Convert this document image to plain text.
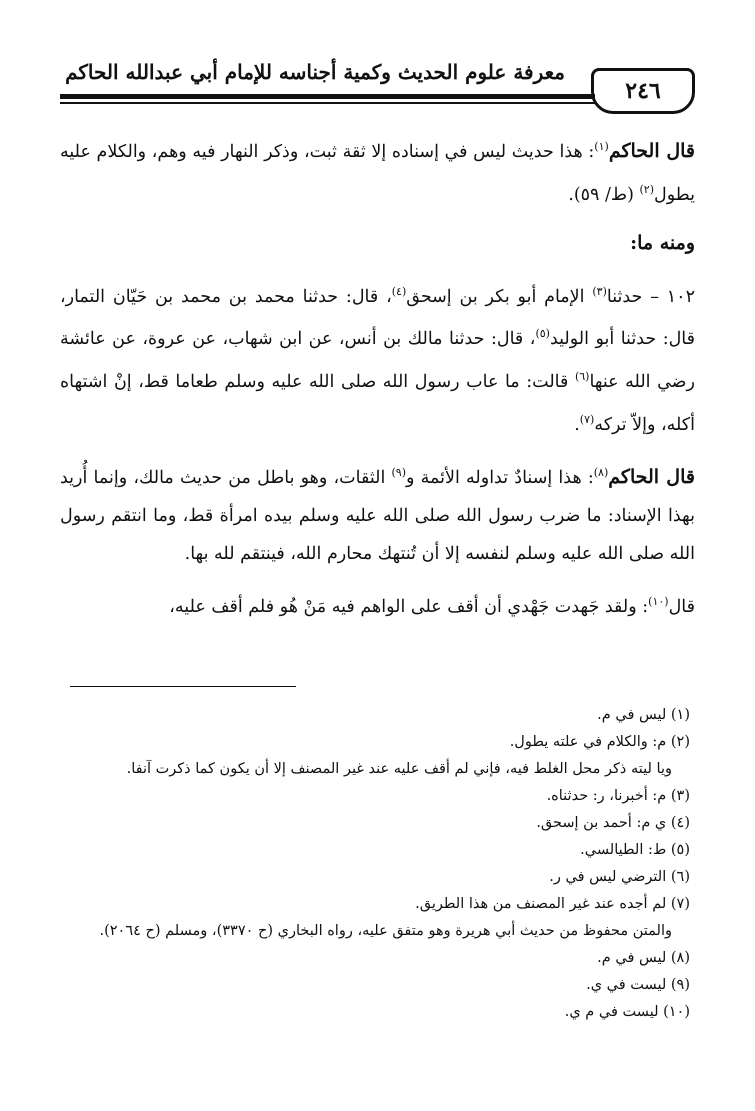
معرفة علوم الحديث وكمية أجناسه للإمام أبي عبدالله الحاكم
٢٤٦

قال الحاكم$^{(١)}$: هذا حديث ليس في إسناده إلا ثقة ثبت، وذكر النهار فيه وهم، والكلام عليه يطول$^{(٢)}$ (ط/ ٥٩).

ومنه ما:

١٠٢ – حدثنا$^{(٣)}$ الإمام أبو بكر بن إسحق$^{(٤)}$، قال: حدثنا محمد بن محمد بن حَيّان التمار، قال: حدثنا أبو الوليد$^{(٥)}$، قال: حدثنا مالك بن أنس، عن ابن شهاب، عن عروة، عن عائشة رضي الله عنها$^{(٦)}$ قالت: ما عاب رسول الله صلى الله عليه وسلم طعاما قط، إنْ اشتهاه أكله، وإلاّ تركه$^{(٧)}$.

قال الحاكم$^{(٨)}$: هذا إسنادٌ تداوله الأئمة و$^{(٩)}$ الثقات، وهو باطل من حديث مالك، وإنما أُريد بهذا الإسناد: ما ضرب رسول الله صلى الله عليه وسلم بيده امرأة قط، وما انتقم رسول الله صلى الله عليه وسلم لنفسه إلا أن تُنتهك محارم الله، فينتقم لله بها.

قال$^{(١٠)}$: ولقد جَهدت جَهْدي أن أقف على الواهم فيه مَنْ هُو فلم أقف عليه،

(١) ليس في م.
(٢) م: والكلام في علته يطول.
ويا ليته ذكر محل الغلط فيه، فإني لم أقف عليه عند غير المصنف إلا أن يكون كما ذكرت آنفا.
(٣) م: أخبرنا، ر: حدثناه.
(٤) ي م: أحمد بن إسحق.
(٥) ط: الطيالسي.
(٦) الترضي ليس في ر.
(٧) لم أجده عند غير المصنف من هذا الطريق.
والمتن محفوظ من حديث أبي هريرة وهو متفق عليه، رواه البخاري (ح ٣٣٧٠)، ومسلم (ح ٢٠٦٤).
(٨) ليس في م.
(٩) ليست في ي.
(١٠) ليست في م ي.
